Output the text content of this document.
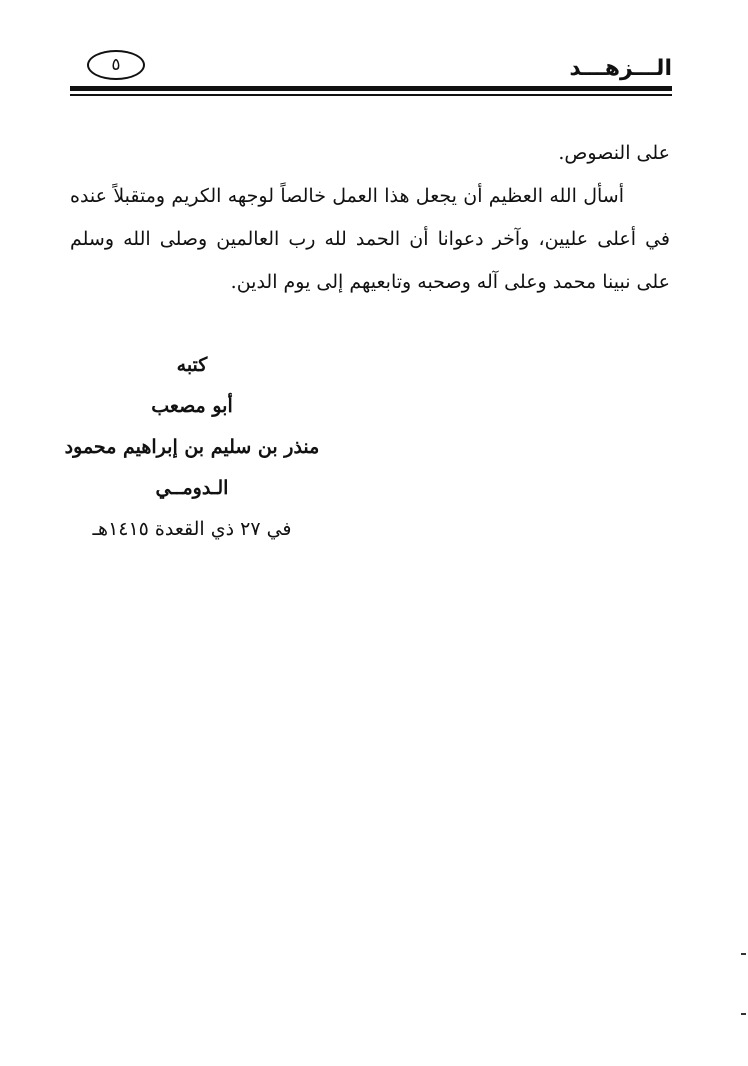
٥	الـــزهـــد

على النصوص.

أسأل الله العظيم أن يجعل هذا العمل خالصاً لوجهه الكريم ومتقبلاً عنده في أعلى عليين، وآخر دعوانا أن الحمد لله رب العالمين وصلى الله وسلم على نبينا محمد وعلى آله وصحبه وتابعيهم إلى يوم الدين.

كتبه
أبو مصعب
منذر بن سليم بن إبراهيم محمود
الـدومــي
في ٢٧ ذي القعدة ١٤١٥هـ
